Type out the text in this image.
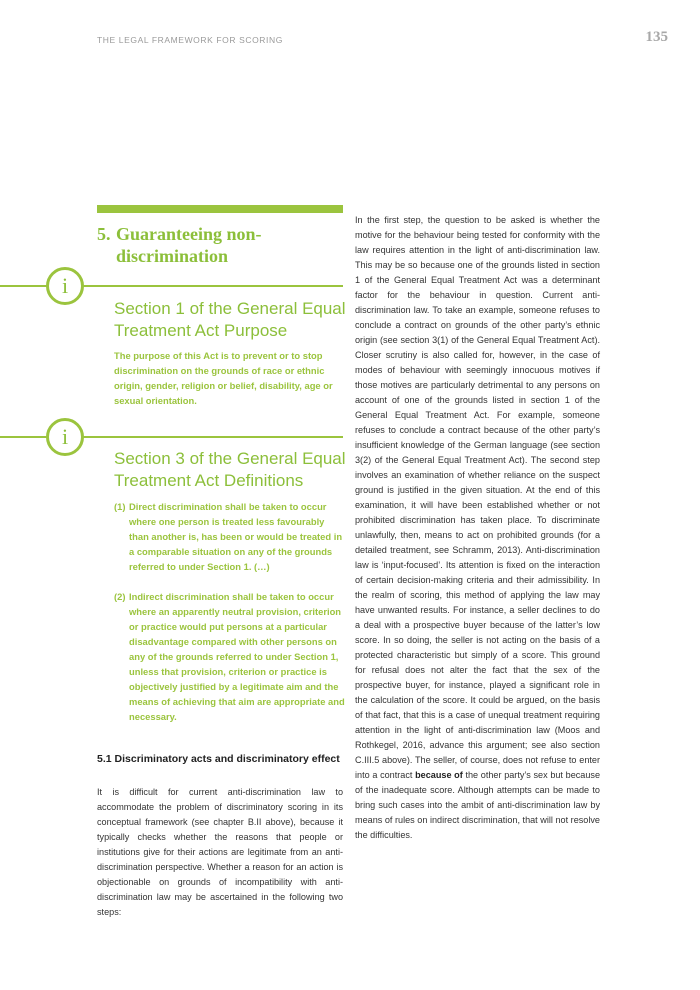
THE LEGAL FRAMEWORK FOR SCORING	135
5. Guaranteeing non-
discrimination
i
Section 1 of the General Equal Treatment Act Purpose

The purpose of this Act is to prevent or to stop discrimination on the grounds of race or ethnic origin, gender, religion or belief, disability, age or sexual orientation.

i
Section 3 of the General Equal Treatment Act Definitions
(1) Direct discrimination shall be taken to occur where one person is treated less favourably than another is, has been or would be treated in a comparable situation on any of the grounds referred to under Section 1. (…)

(2) Indirect discrimination shall be taken to occur where an apparently neutral provision, criterion or practice would put persons at a particular disadvantage compared with other persons on any of the grounds referred to under Section 1, unless that provision, criterion or practice is objectively justified by a legitimate aim and the means of achieving that aim are appropriate and necessary.

5.1 Discriminatory acts and discriminatory effect

It is difficult for current anti-discrimination law to accommodate the problem of discriminatory scoring in its conceptual framework (see chapter B.II above), because it typically checks whether the reasons that people or institutions give for their actions are legitimate from an anti-discrimination perspective. Whether a reason for an action is objectionable on grounds of incompatibility with anti-discrimination law may be ascertained in the following two steps:

In the first step, the question to be asked is whether the motive for the behaviour being tested for conformity with the law requires attention in the light of anti-discrimination law. This may be so because one of the grounds listed in section 1 of the General Equal Treatment Act was a determinant factor for the behaviour in question. Current anti-discrimination law. To take an example, someone refuses to conclude a contract on grounds of the other party’s ethnic origin (see section 3(1) of the General Equal Treatment Act). Closer scrutiny is also called for, however, in the case of modes of behaviour with seemingly innocuous motives if those motives are particularly detrimental to any persons on account of one of the grounds listed in section 1 of the General Equal Treatment Act. For example, someone refuses to conclude a contract because of the other party’s insufficient knowledge of the German language (see section 3(2) of the General Equal Treatment Act). The second step involves an examination of whether reliance on the suspect ground is justified in the given situation. At the end of this examination, it will have been established whether or not prohibited discrimination has taken place. To discriminate unlawfully, then, means to act on prohibited grounds (for a detailed treatment, see Schramm, 2013). Anti-discrimination law is ‘input-focused’. Its attention is fixed on the interaction of certain decision-making criteria and their admissibility. In the realm of scoring, this method of applying the law may have unwanted results. For instance, a seller declines to do a deal with a prospective buyer because of the latter’s low score. In so doing, the seller is not acting on the basis of a protected characteristic but simply of a score. This ground for refusal does not alter the fact that the sex of the prospective buyer, for instance, played a significant role in the calculation of the score. It could be argued, on the basis of that fact, that this is a case of unequal treatment requiring attention in the light of anti-discrimination law (Moos and Rothkegel, 2016, advance this argument; see also section C.III.5 above). The seller, of course, does not refuse to enter into a contract because of the other party’s sex but because of the inadequate score. Although attempts can be made to bring such cases into the ambit of anti-discrimination law by means of rules on indirect discrimination, that will not resolve the difficulties.
